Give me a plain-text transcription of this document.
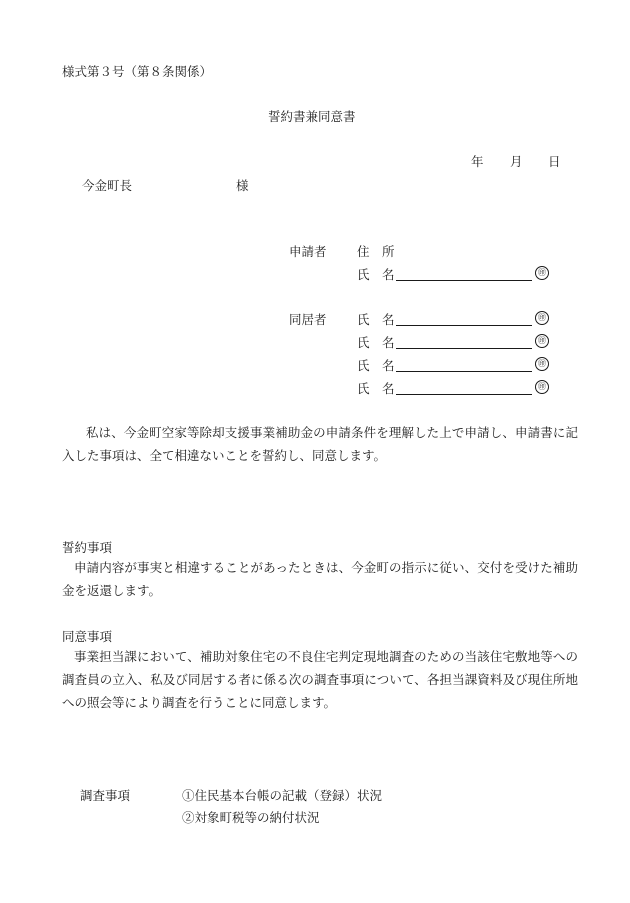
様式第３号（第８条関係）
誓約書兼同意書
年 月 日
今金町長	様
申請者 住　所
氏　名	㊞
同居者 氏　名	㊞
氏　名	㊞
氏　名	㊞
氏　名	㊞
私は、今金町空家等除却支援事業補助金の申請条件を理解した上で申請し、申請書に記入した事項は、全て相違ないことを誓約し、同意します。
誓約事項
申請内容が事実と相違することがあったときは、今金町の指示に従い、交付を受けた補助金を返還します。
同意事項
事業担当課において、補助対象住宅の不良住宅判定現地調査のための当該住宅敷地等への調査員の立入、私及び同居する者に係る次の調査事項について、各担当課資料及び現住所地への照会等により調査を行うことに同意します。
調査事項	①住民基本台帳の記載（登録）状況
②対象町税等の納付状況
